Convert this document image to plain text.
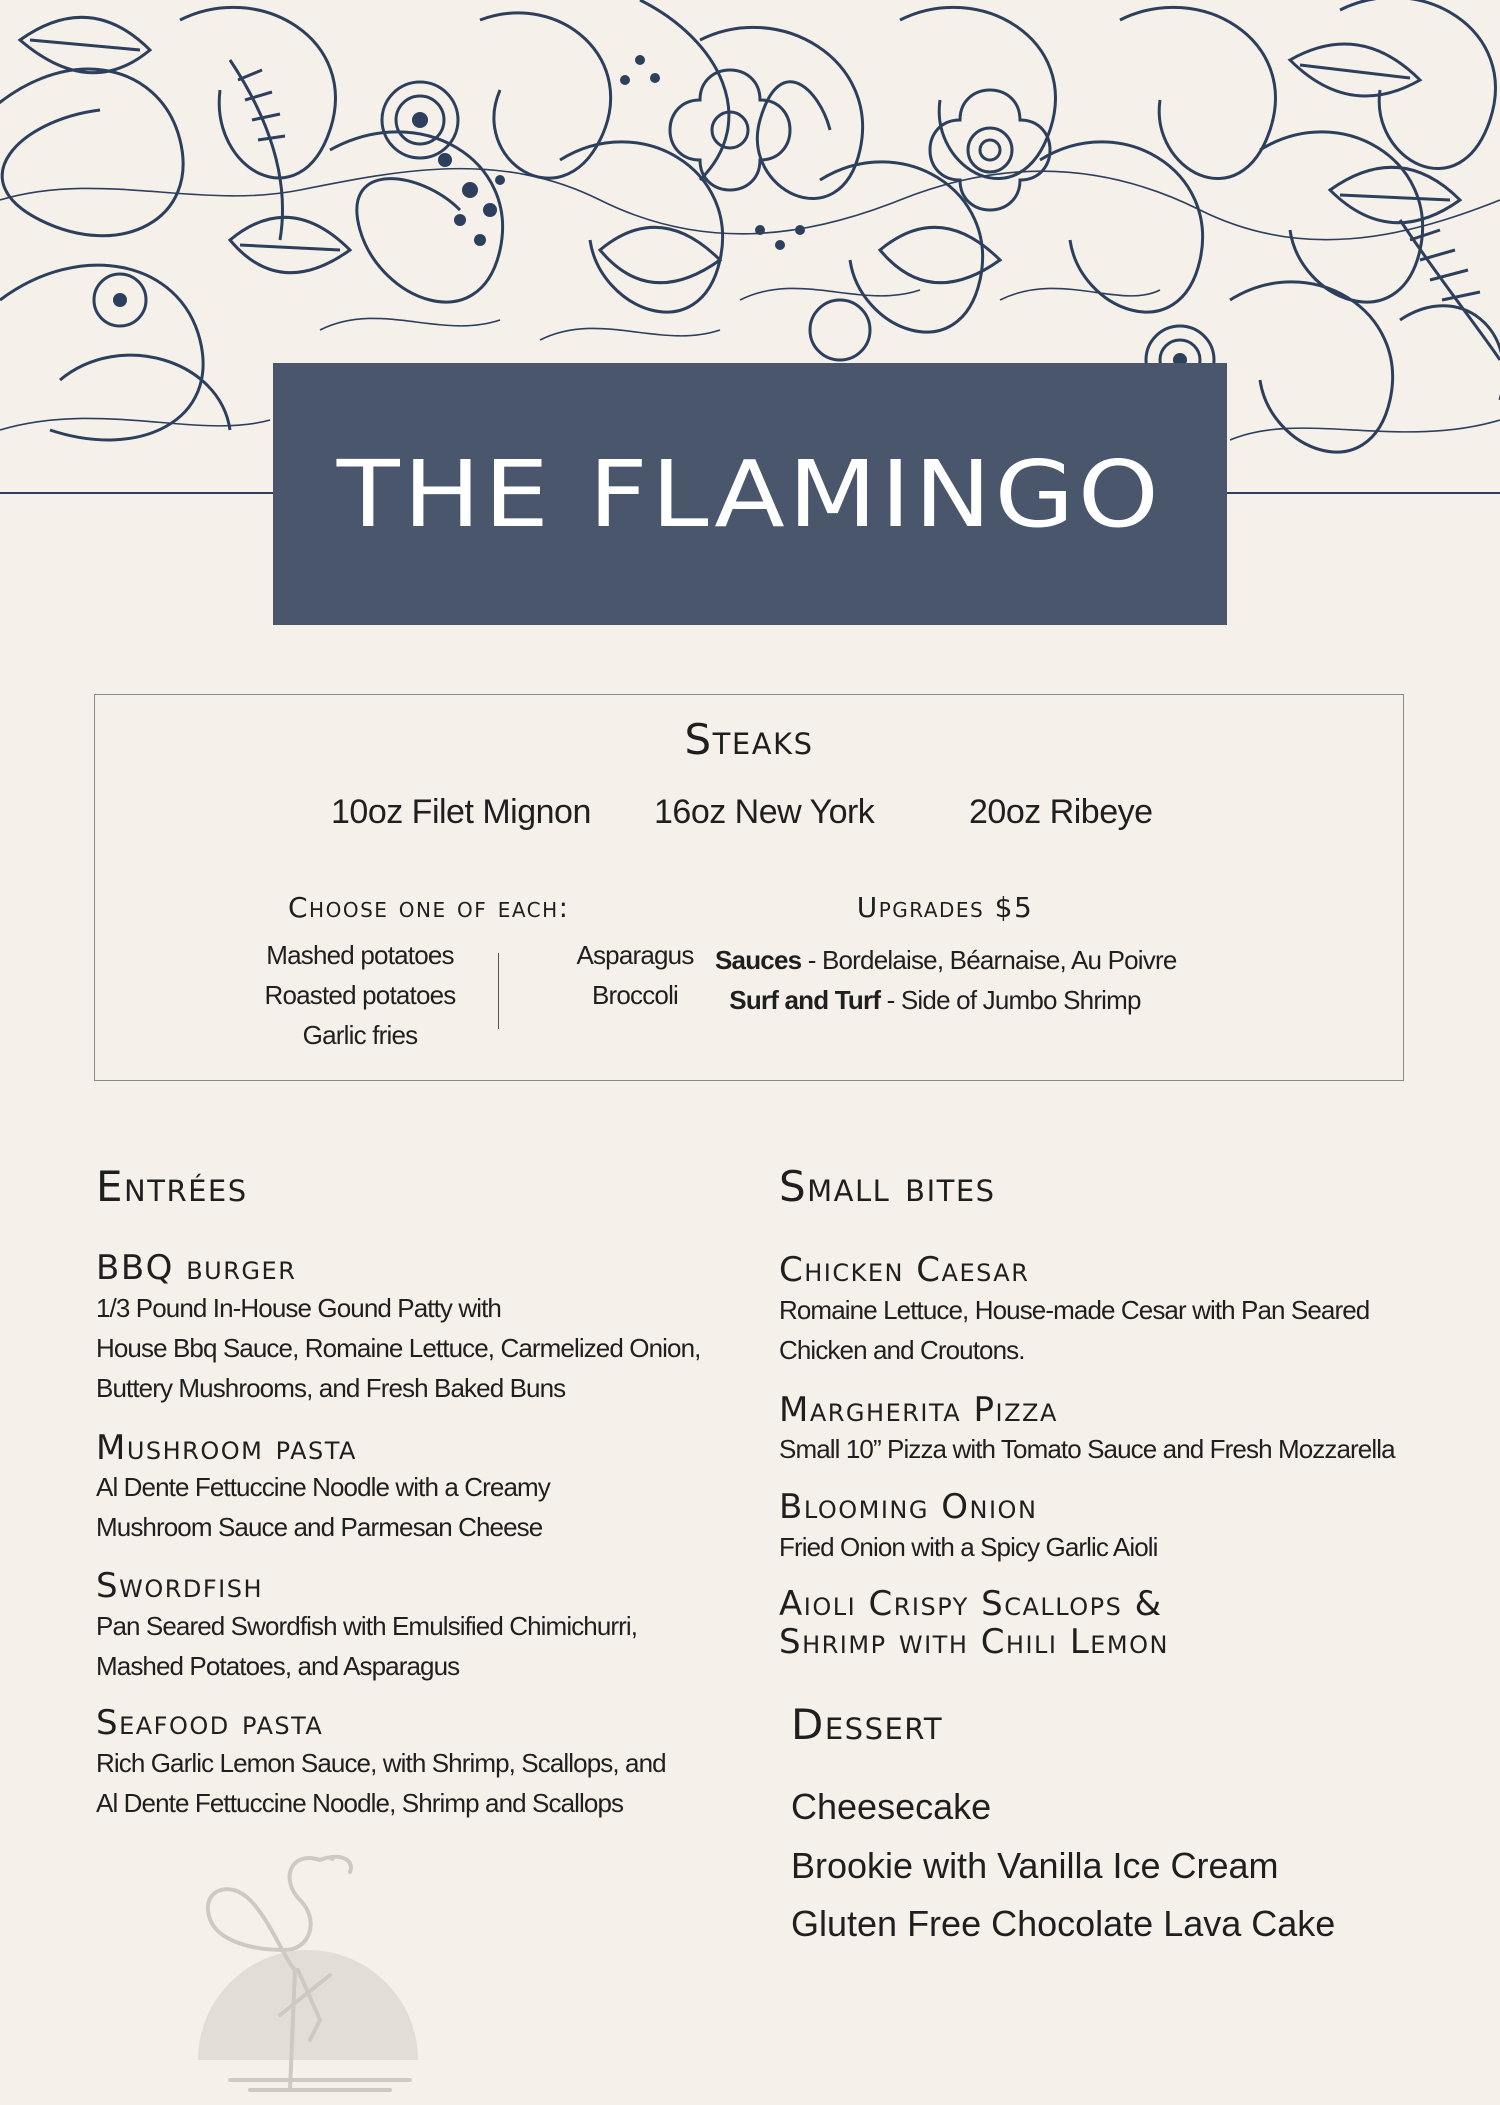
THE FLAMINGO
Steaks
10oz Filet Mignon 16oz New York	20oz Ribeye
Choose one of each:
Mashed potatoes
Roasted potatoes
Garlic fries
Asparagus
Broccoli
Upgrades $5
Sauces - Bordelaise, Béarnaise, Au Poivre
Surf and Turf - Side of Jumbo Shrimp
Entrées
BBQ burger
1/3 Pound In-House Gound Patty with
House Bbq Sauce, Romaine Lettuce, Carmelized Onion,
Buttery Mushrooms, and Fresh Baked Buns
Mushroom pasta
Al Dente Fettuccine Noodle with a Creamy
Mushroom Sauce and Parmesan Cheese
Swordfish
Pan Seared Swordfish with Emulsified Chimichurri,
Mashed Potatoes, and Asparagus
Seafood pasta
Rich Garlic Lemon Sauce, with Shrimp, Scallops, and
Al Dente Fettuccine Noodle, Shrimp and Scallops
Small bites
Chicken Caesar
Romaine Lettuce, House-made Cesar with Pan Seared
Chicken and Croutons.
Margherita Pizza
Small 10” Pizza with Tomato Sauce and Fresh Mozzarella
Blooming Onion
Fried Onion with a Spicy Garlic Aioli
Aioli Crispy Scallops &
Shrimp with Chili Lemon
Dessert
Cheesecake
Brookie with Vanilla Ice Cream
Gluten Free Chocolate Lava Cake
